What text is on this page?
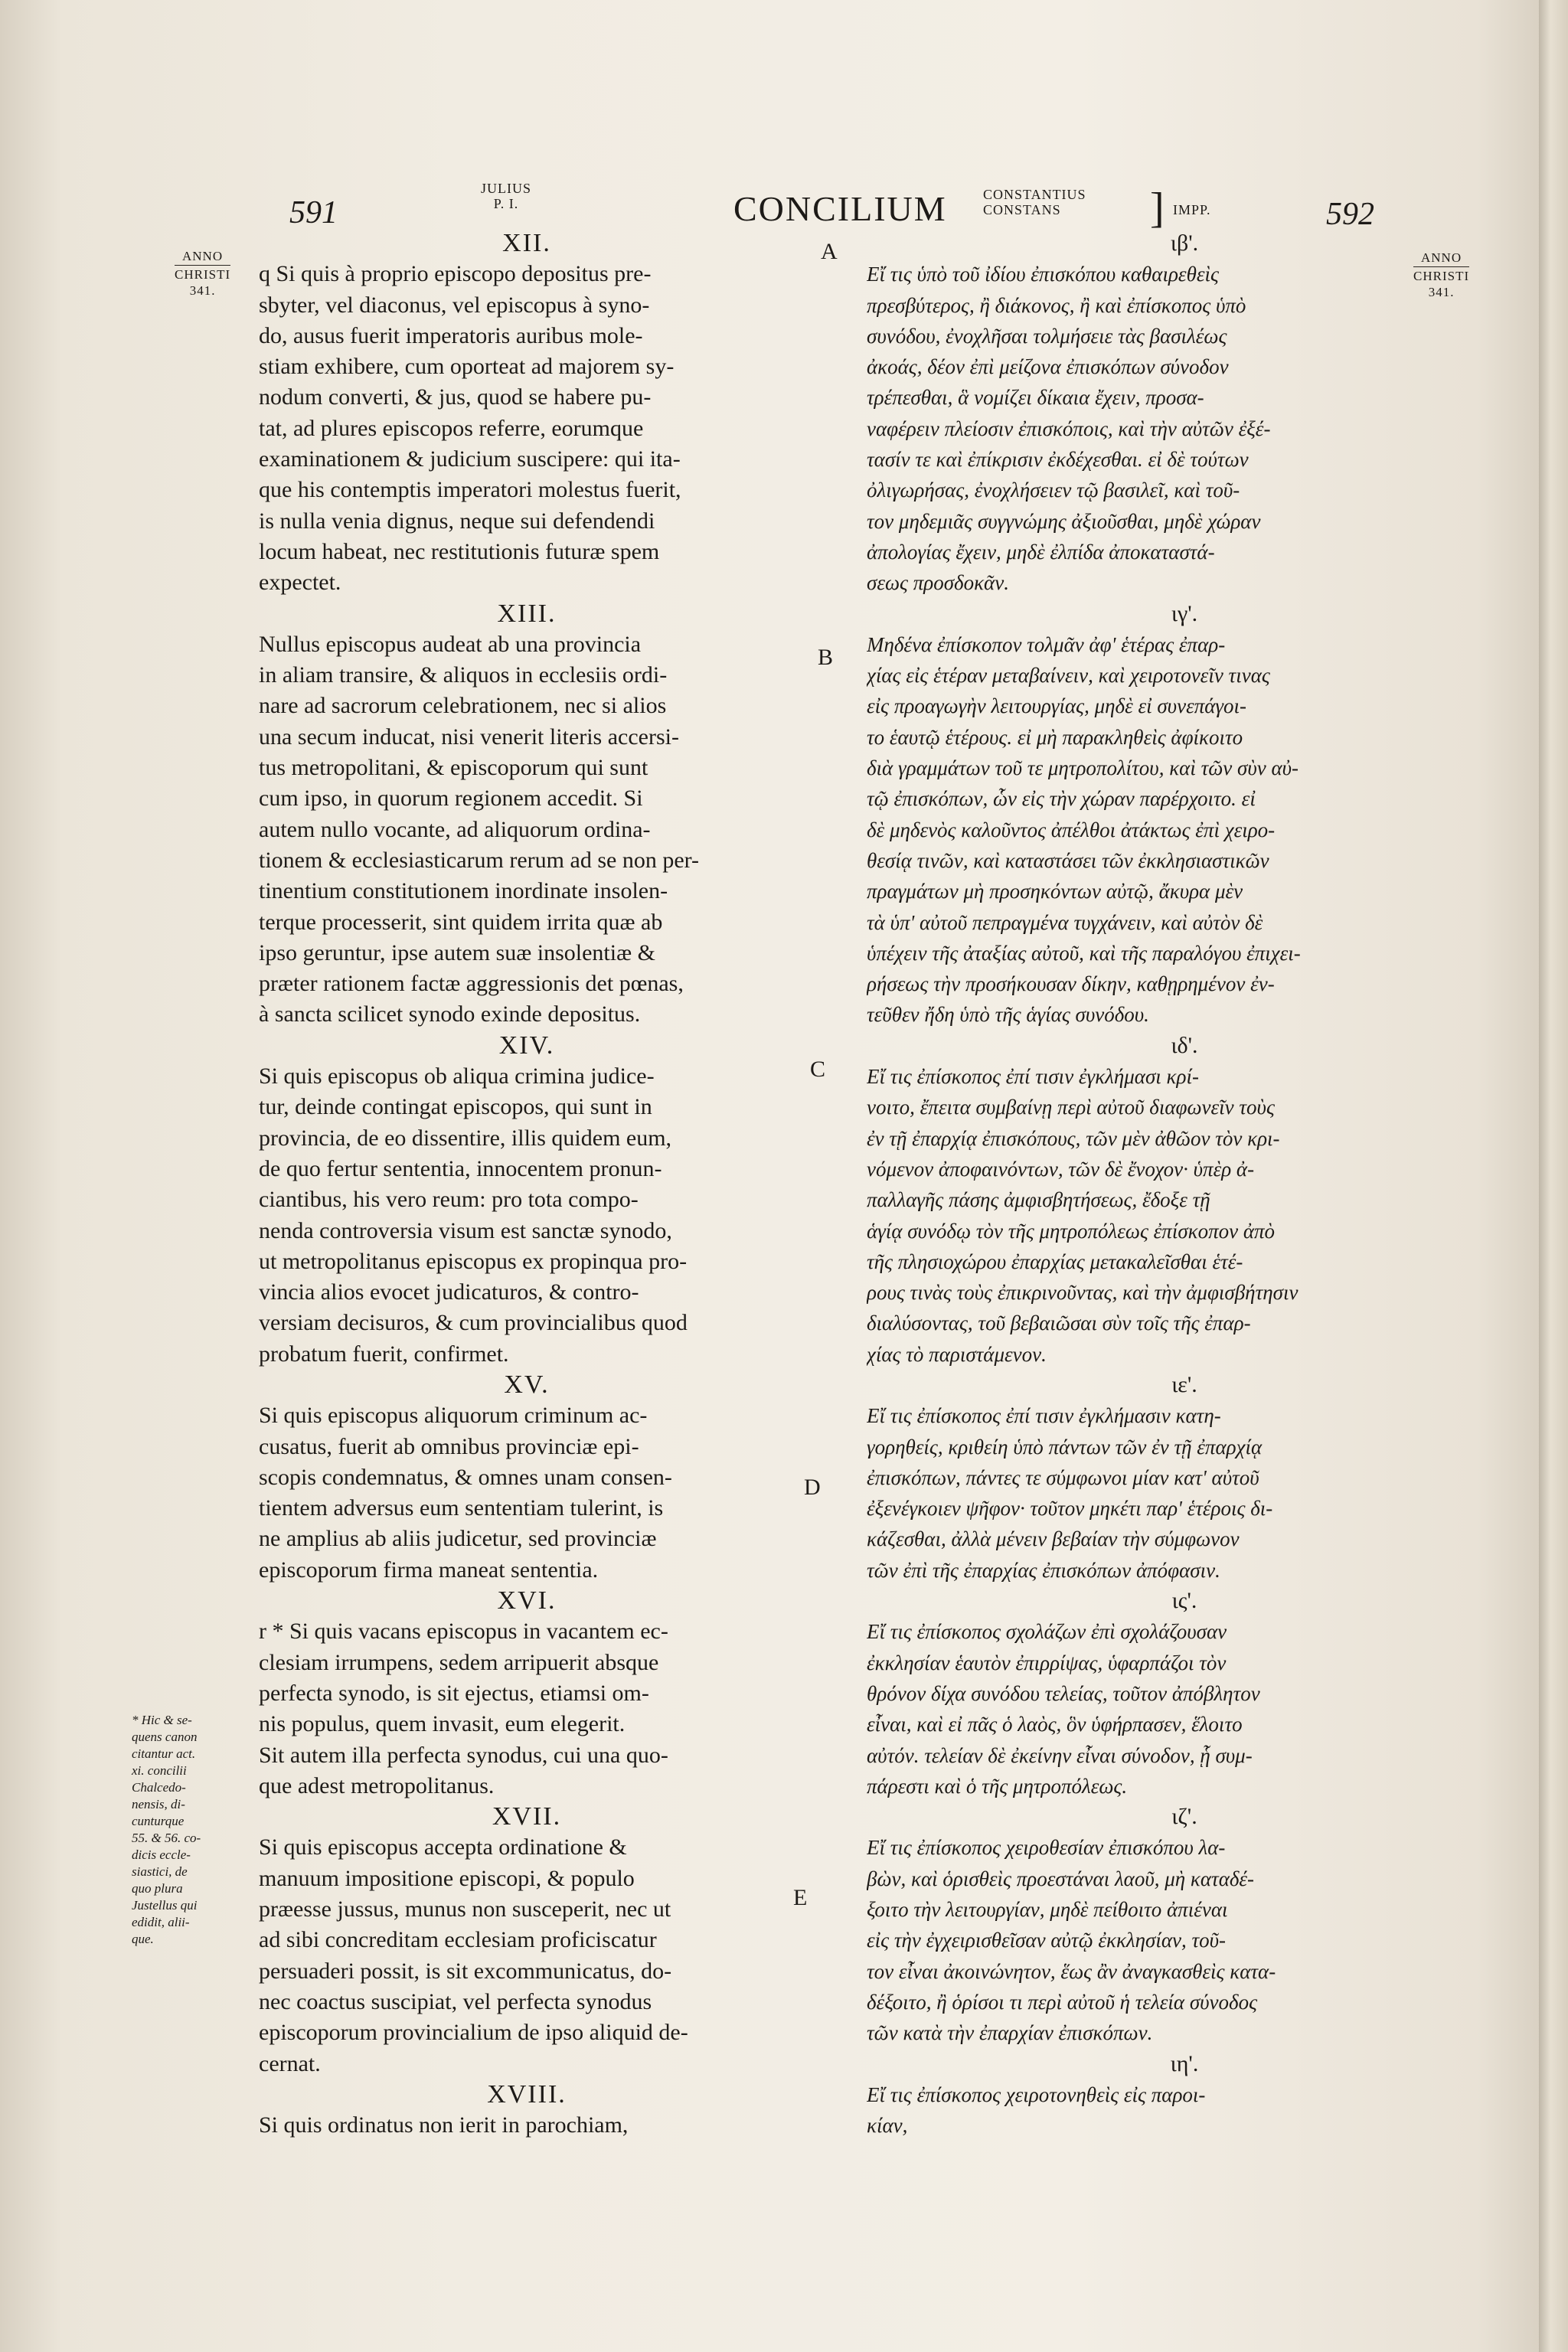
591
JULIUS
P. I.	CONCILIUM	CONSTANTIUS
CONSTANS	] IMPP.	592
ANNO
CHRISTI
341.
ANNO
CHRISTI
341.
A
B
C
D
E
* Hic & se-
quens canon
citantur act.
xi. concilii
Chalcedo-
nensis, di-
cunturque
55. & 56. co-
dicis eccle-
siastici, de
quo plura
Justellus qui
edidit, alii-
que.
XII.
q Si quis à proprio episcopo depositus pre-
sbyter, vel diaconus, vel episcopus à syno-
do, ausus fuerit imperatoris auribus mole-
stiam exhibere, cum oporteat ad majorem sy-
nodum converti, & jus, quod se habere pu-
tat, ad plures episcopos referre, eorumque
examinationem & judicium suscipere: qui ita-
que his contemptis imperatori molestus fuerit,
is nulla venia dignus, neque sui defendendi
locum habeat, nec restitutionis futuræ spem
expectet.
XIII.
Nullus episcopus audeat ab una provincia
in aliam transire, & aliquos in ecclesiis ordi-
nare ad sacrorum celebrationem, nec si alios
una secum inducat, nisi venerit literis accersi-
tus metropolitani, & episcoporum qui sunt
cum ipso, in quorum regionem accedit. Si
autem nullo vocante, ad aliquorum ordina-
tionem & ecclesiasticarum rerum ad se non per-
tinentium constitutionem inordinate insolen-
terque processerit, sint quidem irrita quæ ab
ipso geruntur, ipse autem suæ insolentiæ &
præter rationem factæ aggressionis det pœnas,
à sancta scilicet synodo exinde depositus.
XIV.
Si quis episcopus ob aliqua crimina judice-
tur, deinde contingat episcopos, qui sunt in
provincia, de eo dissentire, illis quidem eum,
de quo fertur sententia, innocentem pronun-
ciantibus, his vero reum: pro tota compo-
nenda controversia visum est sanctæ synodo,
ut metropolitanus episcopus ex propinqua pro-
vincia alios evocet judicaturos, & contro-
versiam decisuros, & cum provincialibus quod
probatum fuerit, confirmet.
XV.
Si quis episcopus aliquorum criminum ac-
cusatus, fuerit ab omnibus provinciæ epi-
scopis condemnatus, & omnes unam consen-
tientem adversus eum sententiam tulerint, is
ne amplius ab aliis judicetur, sed provinciæ
episcoporum firma maneat sententia.
XVI.
r * Si quis vacans episcopus in vacantem ec-
clesiam irrumpens, sedem arripuerit absque
perfecta synodo, is sit ejectus, etiamsi om-
nis populus, quem invasit, eum elegerit.
Sit autem illa perfecta synodus, cui una quo-
que adest metropolitanus.
XVII.
Si quis episcopus accepta ordinatione &
manuum impositione episcopi, & populo
præesse jussus, munus non susceperit, nec ut
ad sibi concreditam ecclesiam proficiscatur
persuaderi possit, is sit excommunicatus, do-
nec coactus suscipiat, vel perfecta synodus
episcoporum provincialium de ipso aliquid de-
cernat.
XVIII.
Si quis ordinatus non ierit in parochiam,
ιβ'.
Εἴ τις ὑπὸ τοῦ ἰδίου ἐπισκόπου καθαιρεθεὶς
πρεσβύτερος, ἢ διάκονος, ἢ καὶ ἐπίσκοπος ὑπὸ
συνόδου, ἐνοχλῆσαι τολμήσειε τὰς βασιλέως
ἀκοάς, δέον ἐπὶ μείζονα ἐπισκόπων σύνοδον
τρέπεσθαι, ἃ νομίζει δίκαια ἔχειν, προσα-
ναφέρειν πλείοσιν ἐπισκόποις, καὶ τὴν αὐτῶν ἐξέ-
τασίν τε καὶ ἐπίκρισιν ἐκδέχεσθαι. εἰ δὲ τούτων
ὀλιγωρήσας, ἐνοχλήσειεν τῷ βασιλεῖ, καὶ τοῦ-
τον μηδεμιᾶς συγγνώμης ἀξιοῦσθαι, μηδὲ χώραν
ἀπολογίας ἔχειν, μηδὲ ἐλπίδα ἀποκαταστά-
σεως προσδοκᾶν.
ιγ'.
Μηδένα ἐπίσκοπον τολμᾶν ἀφ' ἑτέρας ἐπαρ-
χίας εἰς ἑτέραν μεταβαίνειν, καὶ χειροτονεῖν τινας
εἰς προαγωγὴν λειτουργίας, μηδὲ εἰ συνεπάγοι-
το ἑαυτῷ ἑτέρους. εἰ μὴ παρακληθεὶς ἀφίκοιτο
διὰ γραμμάτων τοῦ τε μητροπολίτου, καὶ τῶν σὺν αὐ-
τῷ ἐπισκόπων, ὧν εἰς τὴν χώραν παρέρχοιτο. εἰ
δὲ μηδενὸς καλοῦντος ἀπέλθοι ἀτάκτως ἐπὶ χειρο-
θεσίᾳ τινῶν, καὶ καταστάσει τῶν ἐκκλησιαστικῶν
πραγμάτων μὴ προσηκόντων αὐτῷ, ἄκυρα μὲν
τὰ ὑπ' αὐτοῦ πεπραγμένα τυγχάνειν, καὶ αὐτὸν δὲ
ὑπέχειν τῆς ἀταξίας αὐτοῦ, καὶ τῆς παραλόγου ἐπιχει-
ρήσεως τὴν προσήκουσαν δίκην, καθῃρημένον ἐν-
τεῦθεν ἤδη ὑπὸ τῆς ἁγίας συνόδου.
ιδ'.
Εἴ τις ἐπίσκοπος ἐπί τισιν ἐγκλήμασι κρί-
νοιτο, ἔπειτα συμβαίνῃ περὶ αὐτοῦ διαφωνεῖν τοὺς
ἐν τῇ ἐπαρχίᾳ ἐπισκόπους, τῶν μὲν ἀθῶον τὸν κρι-
νόμενον ἀποφαινόντων, τῶν δὲ ἔνοχον· ὑπὲρ ἀ-
παλλαγῆς πάσης ἀμφισβητήσεως, ἔδοξε τῇ
ἁγίᾳ συνόδῳ τὸν τῆς μητροπόλεως ἐπίσκοπον ἀπὸ
τῆς πλησιοχώρου ἐπαρχίας μετακαλεῖσθαι ἑτέ-
ρους τινὰς τοὺς ἐπικρινοῦντας, καὶ τὴν ἀμφισβήτησιν
διαλύσοντας, τοῦ βεβαιῶσαι σὺν τοῖς τῆς ἐπαρ-
χίας τὸ παριστάμενον.
ιε'.
Εἴ τις ἐπίσκοπος ἐπί τισιν ἐγκλήμασιν κατη-
γορηθείς, κριθείη ὑπὸ πάντων τῶν ἐν τῇ ἐπαρχίᾳ
ἐπισκόπων, πάντες τε σύμφωνοι μίαν κατ' αὐτοῦ
ἐξενέγκοιεν ψῆφον· τοῦτον μηκέτι παρ' ἑτέροις δι-
κάζεσθαι, ἀλλὰ μένειν βεβαίαν τὴν σύμφωνον
τῶν ἐπὶ τῆς ἐπαρχίας ἐπισκόπων ἀπόφασιν.
ις'.
Εἴ τις ἐπίσκοπος σχολάζων ἐπὶ σχολάζουσαν
ἐκκλησίαν ἑαυτὸν ἐπιρρίψας, ὑφαρπάζοι τὸν
θρόνον δίχα συνόδου τελείας, τοῦτον ἀπόβλητον
εἶναι, καὶ εἰ πᾶς ὁ λαὸς, ὃν ὑφήρπασεν, ἕλοιτο
αὐτόν. τελείαν δὲ ἐκείνην εἶναι σύνοδον, ᾗ συμ-
πάρεστι καὶ ὁ τῆς μητροπόλεως.
ιζ'.
Εἴ τις ἐπίσκοπος χειροθεσίαν ἐπισκόπου λα-
βὼν, καὶ ὁρισθεὶς προεστάναι λαοῦ, μὴ καταδέ-
ξοιτο τὴν λειτουργίαν, μηδὲ πείθοιτο ἀπιέναι
εἰς τὴν ἐγχειρισθεῖσαν αὐτῷ ἐκκλησίαν, τοῦ-
τον εἶναι ἀκοινώνητον, ἕως ἂν ἀναγκασθεὶς κατα-
δέξοιτο, ἢ ὁρίσοι τι περὶ αὐτοῦ ἡ τελεία σύνοδος
τῶν κατὰ τὴν ἐπαρχίαν ἐπισκόπων.
ιη'.
Εἴ τις ἐπίσκοπος χειροτονηθεὶς εἰς παροι-
κίαν,
